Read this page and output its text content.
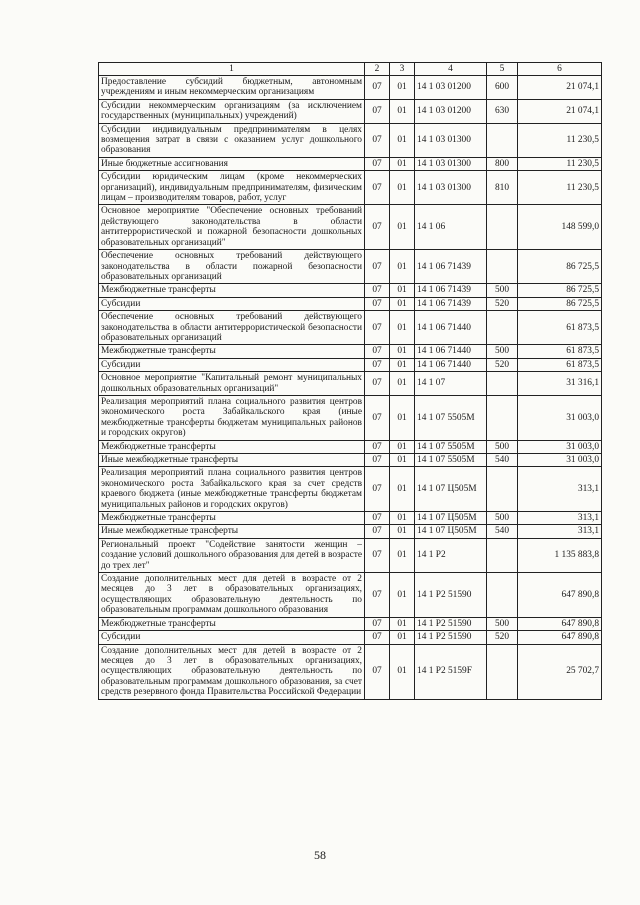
1	2	3	4	5	6
Предоставление субсидий бюджетным, автономным учреждениям и иным некоммерческим организациям	07	01	14 1 03 01200	600	21 074,1
Субсидии некоммерческим организациям (за исключением государственных (муниципальных) учреждений)	07	01	14 1 03 01200	630	21 074,1
Субсидии индивидуальным предпринимателям в целях возмещения затрат в связи с оказанием услуг дошкольного образования	07	01	14 1 03 01300		11 230,5
Иные бюджетные ассигнования	07	01	14 1 03 01300	800	11 230,5
Субсидии юридическим лицам (кроме некоммерческих организаций), индивидуальным предпринимателям, физическим лицам – производителям товаров, работ, услуг	07	01	14 1 03 01300	810	11 230,5
Основное мероприятие "Обеспечение основных требований действующего законодательства в области антитеррористической и пожарной безопасности дошкольных образовательных организаций"	07	01	14 1 06		148 599,0
Обеспечение основных требований действующего законодательства в области пожарной безопасности образовательных организаций	07	01	14 1 06 71439		86 725,5
Межбюджетные трансферты	07	01	14 1 06 71439	500	86 725,5
Субсидии	07	01	14 1 06 71439	520	86 725,5
Обеспечение основных требований действующего законодательства в области антитеррористической безопасности образовательных организаций	07	01	14 1 06 71440		61 873,5
Межбюджетные трансферты	07	01	14 1 06 71440	500	61 873,5
Субсидии	07	01	14 1 06 71440	520	61 873,5
Основное мероприятие "Капитальный ремонт муниципальных дошкольных образовательных организаций"	07	01	14 1 07		31 316,1
Реализация мероприятий плана социального развития центров экономического роста Забайкальского края (иные межбюджетные трансферты бюджетам муниципальных районов и городских округов)	07	01	14 1 07 5505М		31 003,0
Межбюджетные трансферты	07	01	14 1 07 5505М	500	31 003,0
Иные межбюджетные трансферты	07	01	14 1 07 5505М	540	31 003,0
Реализация мероприятий плана социального развития центров экономического роста Забайкальского края за счет средств краевого бюджета (иные межбюджетные трансферты бюджетам муниципальных районов и городских округов)	07	01	14 1 07 Ц505М		313,1
Межбюджетные трансферты	07	01	14 1 07 Ц505М	500	313,1
Иные межбюджетные трансферты	07	01	14 1 07 Ц505М	540	313,1
Региональный проект "Содействие занятости женщин – создание условий дошкольного образования для детей в возрасте до трех лет"	07	01	14 1 Р2		1 135 883,8
Создание дополнительных мест для детей в возрасте от 2 месяцев до 3 лет в образовательных организациях, осуществляющих образовательную деятельность по образовательным программам дошкольного образования	07	01	14 1 Р2 51590		647 890,8
Межбюджетные трансферты	07	01	14 1 Р2 51590	500	647 890,8
Субсидии	07	01	14 1 Р2 51590	520	647 890,8
Создание дополнительных мест для детей в возрасте от 2 месяцев до 3 лет в образовательных организациях, осуществляющих образовательную деятельность по образовательным программам дошкольного образования, за счет средств резервного фонда Правительства Российской Федерации	07	01	14 1 Р2 5159F		25 702,7
58
